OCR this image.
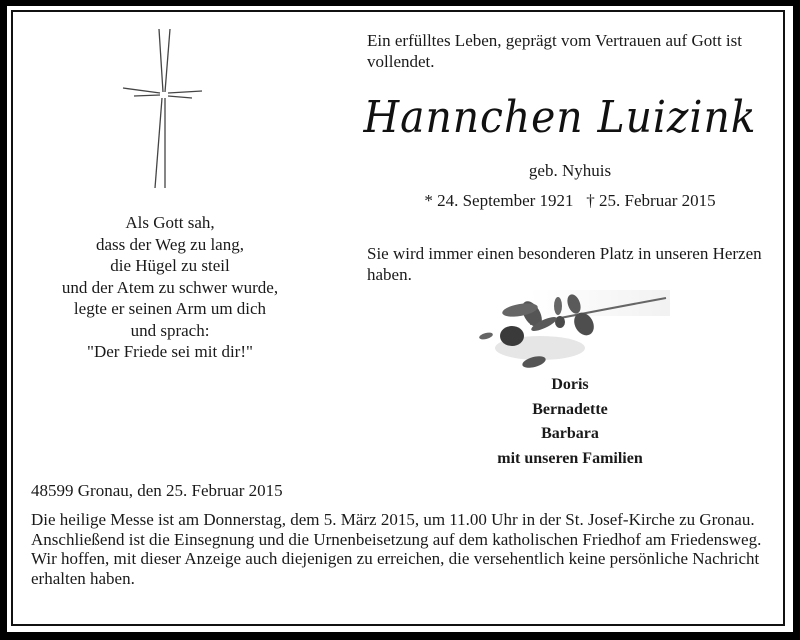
Als Gott sah,
dass der Weg zu lang,
die Hügel zu steil
und der Atem zu schwer wurde,
legte er seinen Arm um dich
und sprach:
"Der Friede sei mit dir!"
Ein erfülltes Leben, geprägt vom Vertrauen auf Gott ist vollendet.
Hannchen Luizink
geb. Nyhuis
* 24. September 1921   † 25. Februar 2015
Sie wird immer einen besonderen Platz in unseren Herzen haben.
Doris
Bernadette
Barbara
mit unseren Familien
48599 Gronau, den 25. Februar 2015

Die heilige Messe ist am Donnerstag, dem 5. März 2015, um 11.00 Uhr in der St. Josef-Kirche zu Gronau. Anschließend ist die Einsegnung und die Urnenbeisetzung auf dem katholischen Friedhof am Friedensweg.

Wir hoffen, mit dieser Anzeige auch diejenigen zu erreichen, die versehentlich keine persönliche Nachricht erhalten haben.
